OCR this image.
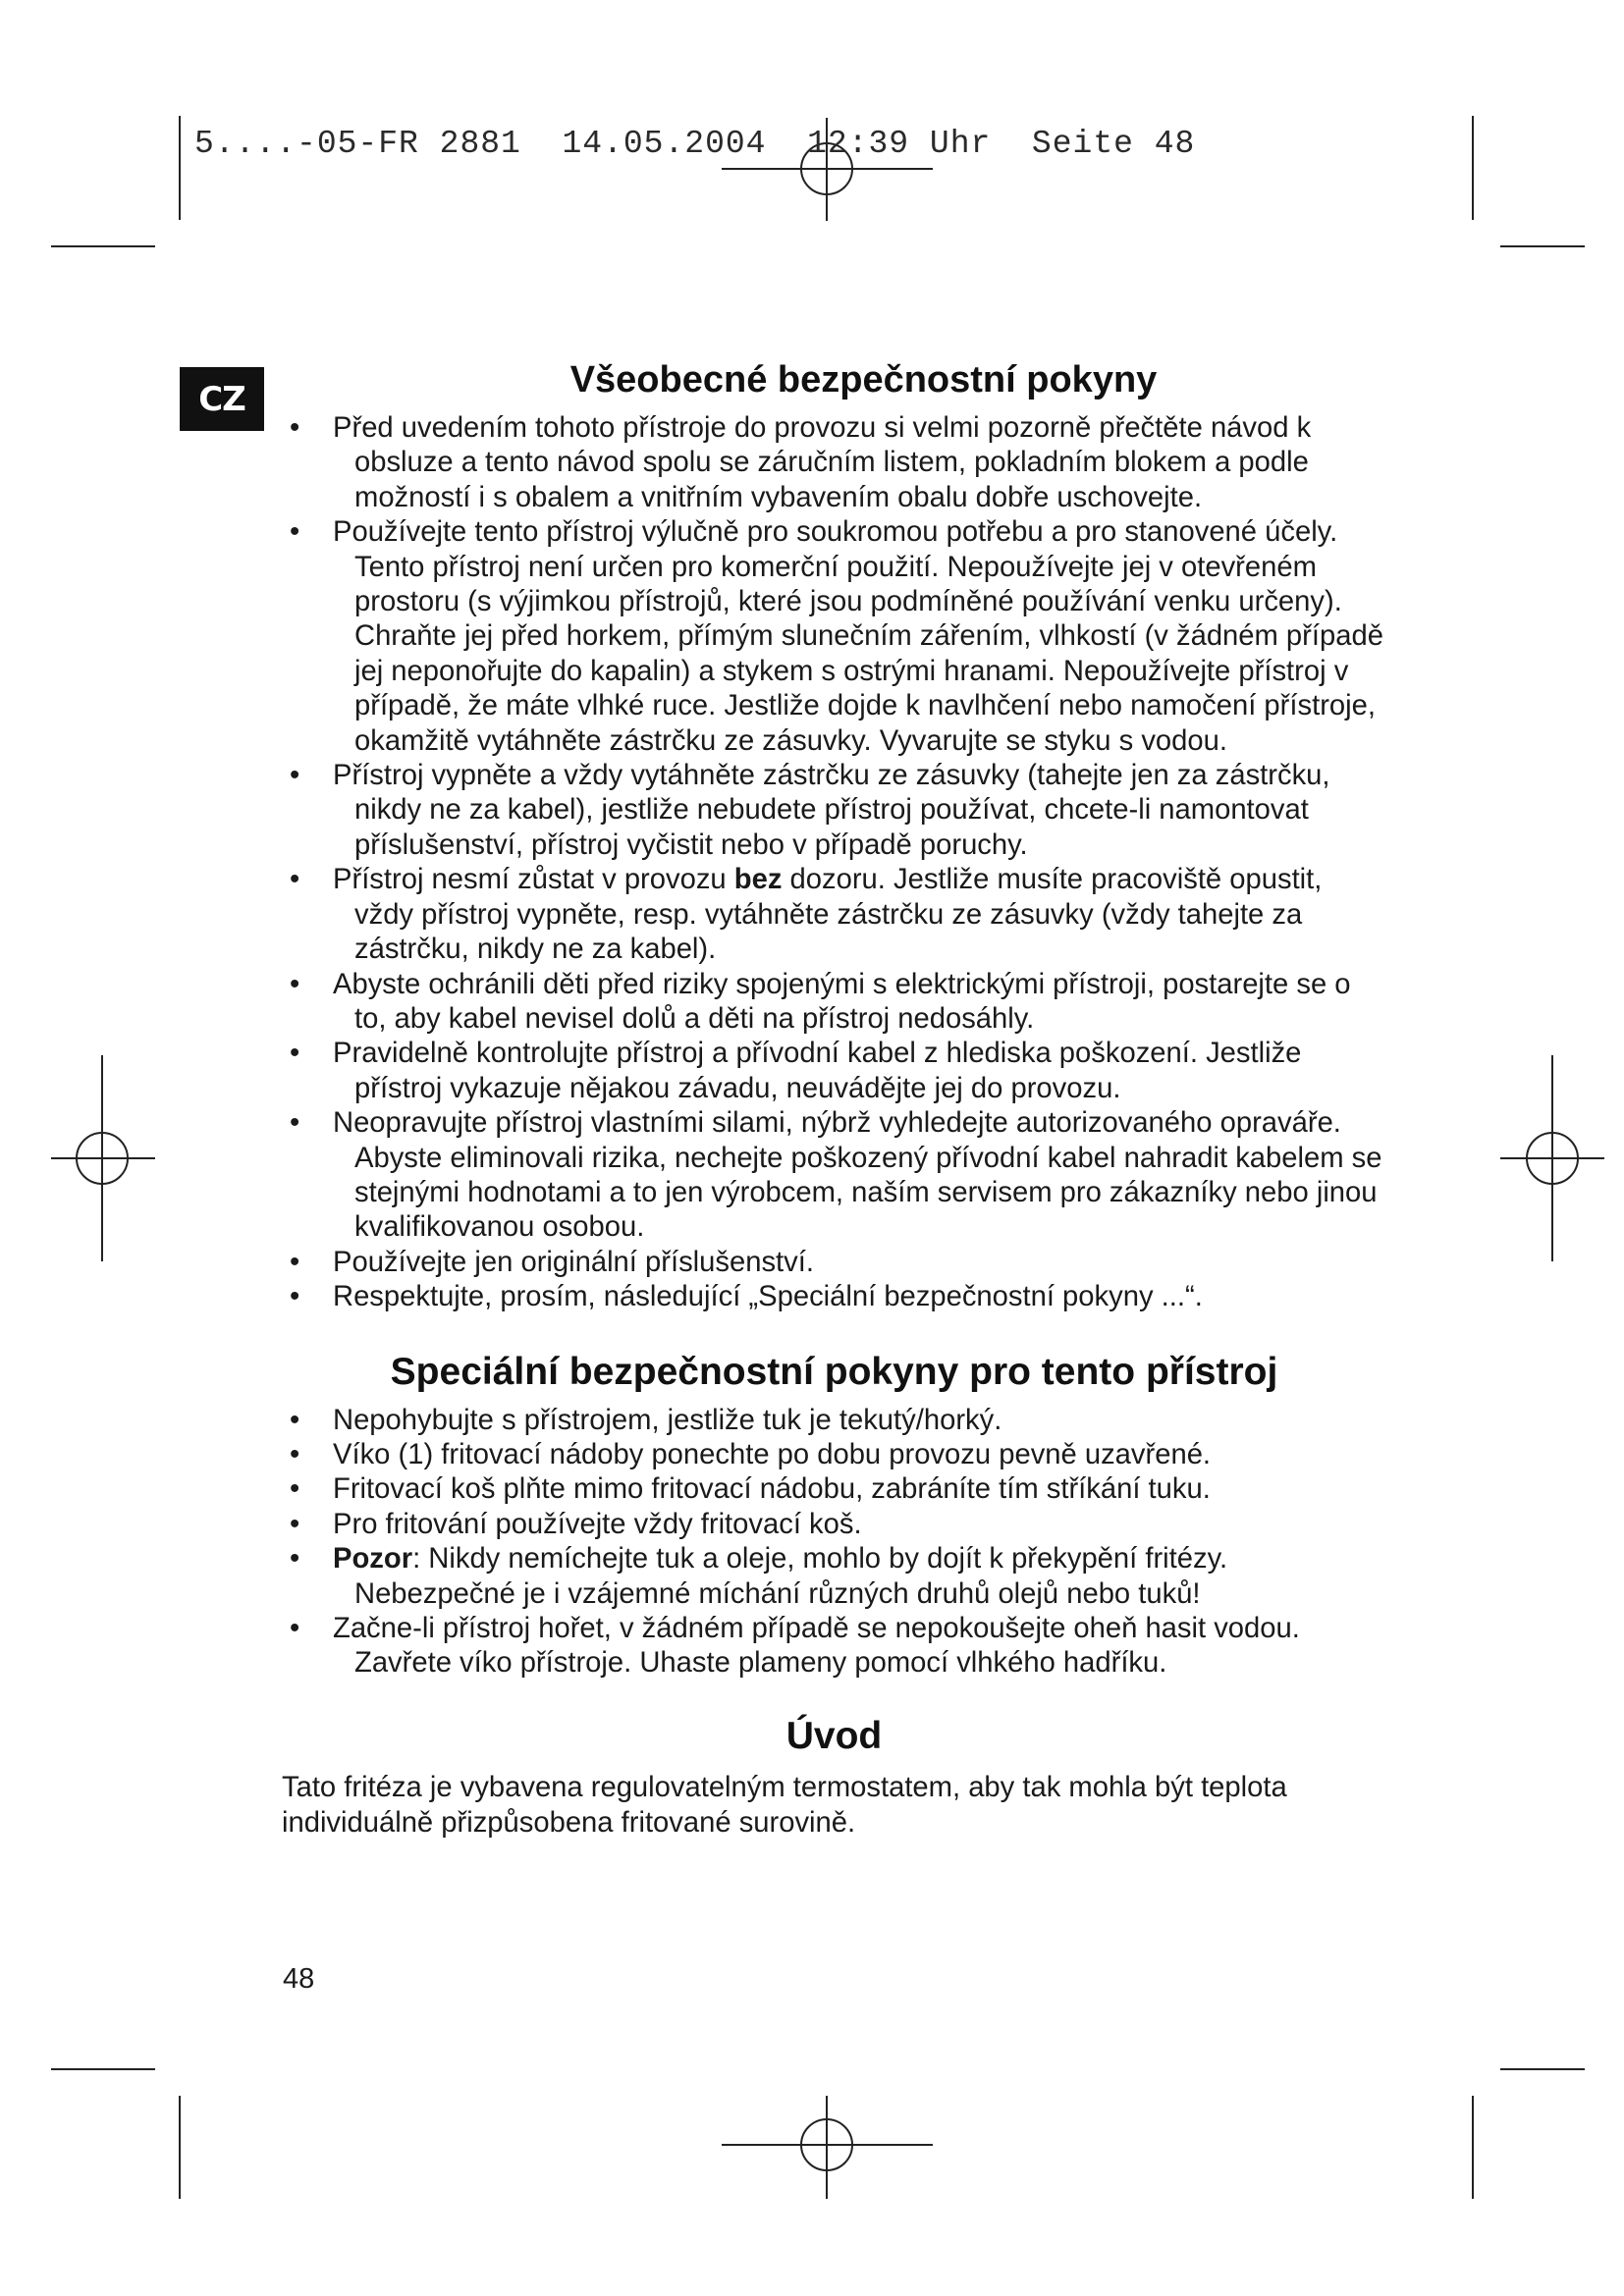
5....-05-FR 2881  14.05.2004  12:39 Uhr  Seite 48
CZ	Všeobecné bezpečnostní pokyny
• Před uvedením tohoto přístroje do provozu si velmi pozorně přečtěte návod k obsluze a tento návod spolu se záručním listem, pokladním blokem a podle možností i s obalem a vnitřním vybavením obalu dobře uschovejte.
• Používejte tento přístroj výlučně pro soukromou potřebu a pro stanovené účely. Tento přístroj není určen pro komerční použití. Nepoužívejte jej v otevřeném prostoru (s výjimkou přístrojů, které jsou podmíněné používání venku určeny). Chraňte jej před horkem, přímým slunečním zářením, vlhkostí (v žádném případě jej neponořujte do kapalin) a stykem s ostrými hranami. Nepoužívejte přístroj v případě, že máte vlhké ruce. Jestliže dojde k navlhčení nebo namočení přístroje, okamžitě vytáhněte zástrčku ze zásuvky. Vyvarujte se styku s vodou.
• Přístroj vypněte a vždy vytáhněte zástrčku ze zásuvky (tahejte jen za zástrčku, nikdy ne za kabel), jestliže nebudete přístroj používat, chcete-li namontovat příslušenství, přístroj vyčistit nebo v případě poruchy.
• Přístroj nesmí zůstat v provozu bez dozoru. Jestliže musíte pracoviště opustit, vždy přístroj vypněte, resp. vytáhněte zástrčku ze zásuvky (vždy tahejte za zástrčku, nikdy ne za kabel).
• Abyste ochránili děti před riziky spojenými s elektrickými přístroji, postarejte se o to, aby kabel nevisel dolů a děti na přístroj nedosáhly.
• Pravidelně kontrolujte přístroj a přívodní kabel z hlediska poškození. Jestliže přístroj vykazuje nějakou závadu, neuvádějte jej do provozu.
• Neopravujte přístroj vlastními silami, nýbrž vyhledejte autorizovaného opraváře. Abyste eliminovali rizika, nechejte poškozený přívodní kabel nahradit kabelem se stejnými hodnotami a to jen výrobcem, naším servisem pro zákazníky nebo jinou kvalifikovanou osobou.
• Používejte jen originální příslušenství.
• Respektujte, prosím, následující „Speciální bezpečnostní pokyny ...“.
Speciální bezpečnostní pokyny pro tento přístroj
• Nepohybujte s přístrojem, jestliže tuk je tekutý/horký.
• Víko (1) fritovací nádoby ponechte po dobu provozu pevně uzavřené.
• Fritovací koš plňte mimo fritovací nádobu, zabráníte tím stříkání tuku.
• Pro fritování používejte vždy fritovací koš.
• Pozor: Nikdy nemíchejte tuk a oleje, mohlo by dojít k překypění fritézy. Nebezpečné je i vzájemné míchání různých druhů olejů nebo tuků!
• Začne-li přístroj hořet, v žádném případě se nepokoušejte oheň hasit vodou. Zavřete víko přístroje. Uhaste plameny pomocí vlhkého hadříku.
Úvod

Tato fritéza je vybavena regulovatelným termostatem, aby tak mohla být teplota individuálně přizpůsobena fritované surovině.

48
